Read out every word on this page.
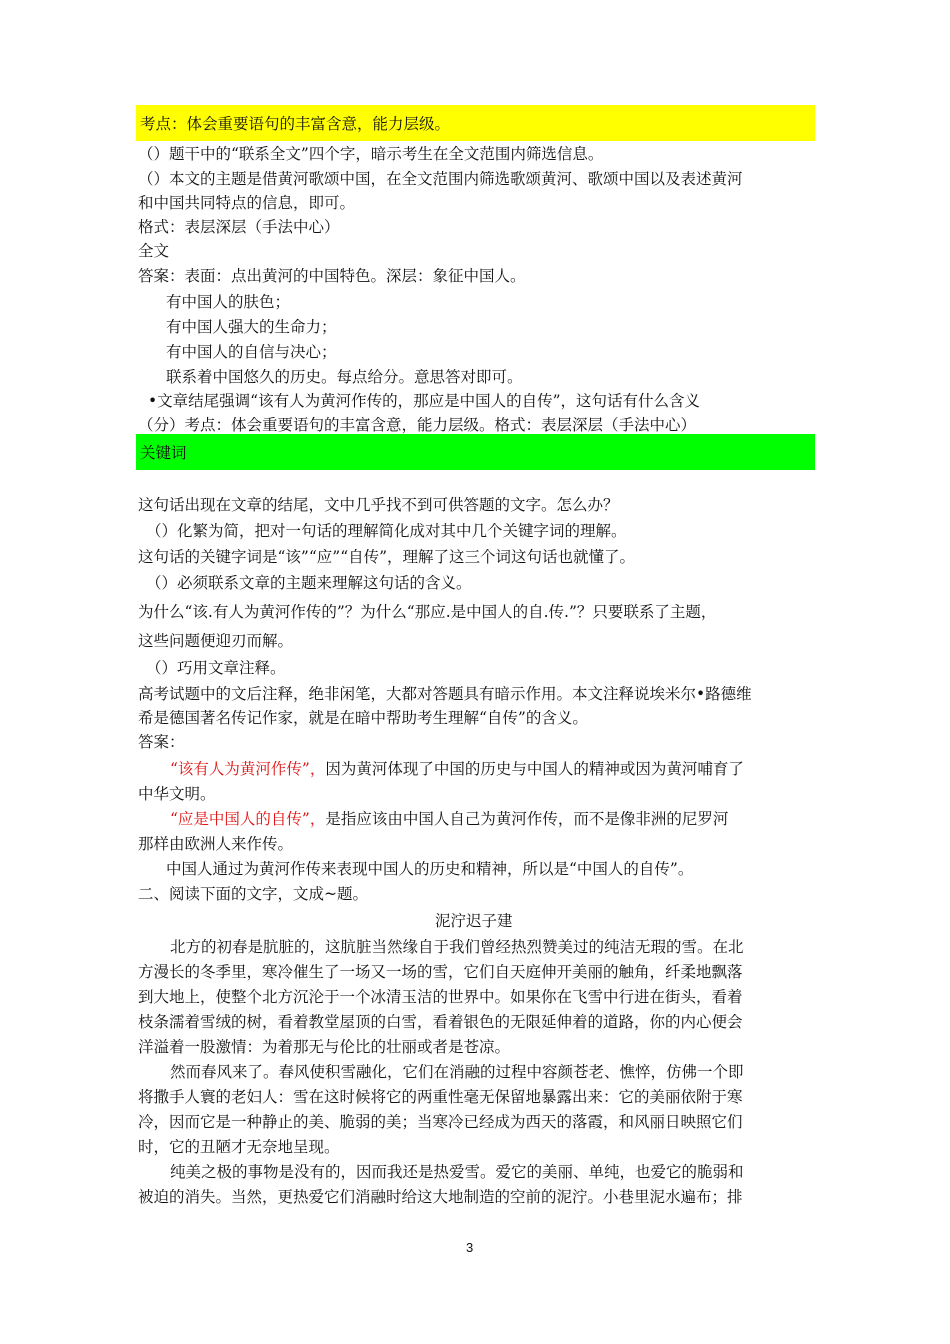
考点：体会重要语句的丰富含意，能力层级。
（）题干中的“联系全文”四个字，暗示考生在全文范围内筛选信息。
（）本文的主题是借黄河歌颂中国，在全文范围内筛选歌颂黄河、歌颂中国以及表述黄河
和中国共同特点的信息，即可。
格式：表层深层（手法中心）
全文
答案：表面：点出黄河的中国特色。深层：象征中国人。
有中国人的肤色；
有中国人强大的生命力；
有中国人的自信与决心；
联系着中国悠久的历史。每点给分。意思答对即可。
•文章结尾强调“该有人为黄河作传的，那应是中国人的自传”，这句话有什么含义
（分）考点：体会重要语句的丰富含意，能力层级。格式：表层深层（手法中心）
关键词
这句话出现在文章的结尾，文中几乎找不到可供答题的文字。怎么办？
（）化繁为简，把对一句话的理解简化成对其中几个关键字词的理解。
这句话的关键字词是“该”“应”“自传”，理解了这三个词这句话也就懂了。
（）必须联系文章的主题来理解这句话的含义。
为什么“该.有人为黄河作传的”？为什么“那应.是中国人的自.传.”？只要联系了主题，
这些问题便迎刃而解。
（）巧用文章注释。
高考试题中的文后注释，绝非闲笔，大都对答题具有暗示作用。本文注释说埃米尔•路德维
希是德国著名传记作家，就是在暗中帮助考生理解“自传”的含义。
答案：
“该有人为黄河作传”，因为黄河体现了中国的历史与中国人的精神或因为黄河哺育了
中华文明。
“应是中国人的自传”，是指应该由中国人自己为黄河作传，而不是像非洲的尼罗河
那样由欧洲人来作传。
中国人通过为黄河作传来表现中国人的历史和精神，所以是“中国人的自传”。
二、阅读下面的文字，文成~题。
泥泞迟子建
北方的初春是肮脏的，这肮脏当然缘自于我们曾经热烈赞美过的纯洁无瑕的雪。在北
方漫长的冬季里，寒冷催生了一场又一场的雪，它们自天庭伸开美丽的触角，纤柔地飘落
到大地上，使整个北方沉沦于一个冰清玉洁的世界中。如果你在飞雪中行进在街头，看着
枝条濡着雪绒的树，看着教堂屋顶的白雪，看着银色的无限延伸着的道路，你的内心便会
洋溢着一股激情：为着那无与伦比的壮丽或者是苍凉。
然而春风来了。春风使积雪融化，它们在消融的过程中容颜苍老、憔悴，仿佛一个即
将撒手人寰的老妇人：雪在这时候将它的两重性毫无保留地暴露出来：它的美丽依附于寒
冷，因而它是一种静止的美、脆弱的美；当寒冷已经成为西天的落霞，和风丽日映照它们
时，它的丑陋才无奈地呈现。
纯美之极的事物是没有的，因而我还是热爱雪。爱它的美丽、单纯，也爱它的脆弱和
被迫的消失。当然，更热爱它们消融时给这大地制造的空前的泥泞。小巷里泥水遍布；排
3
